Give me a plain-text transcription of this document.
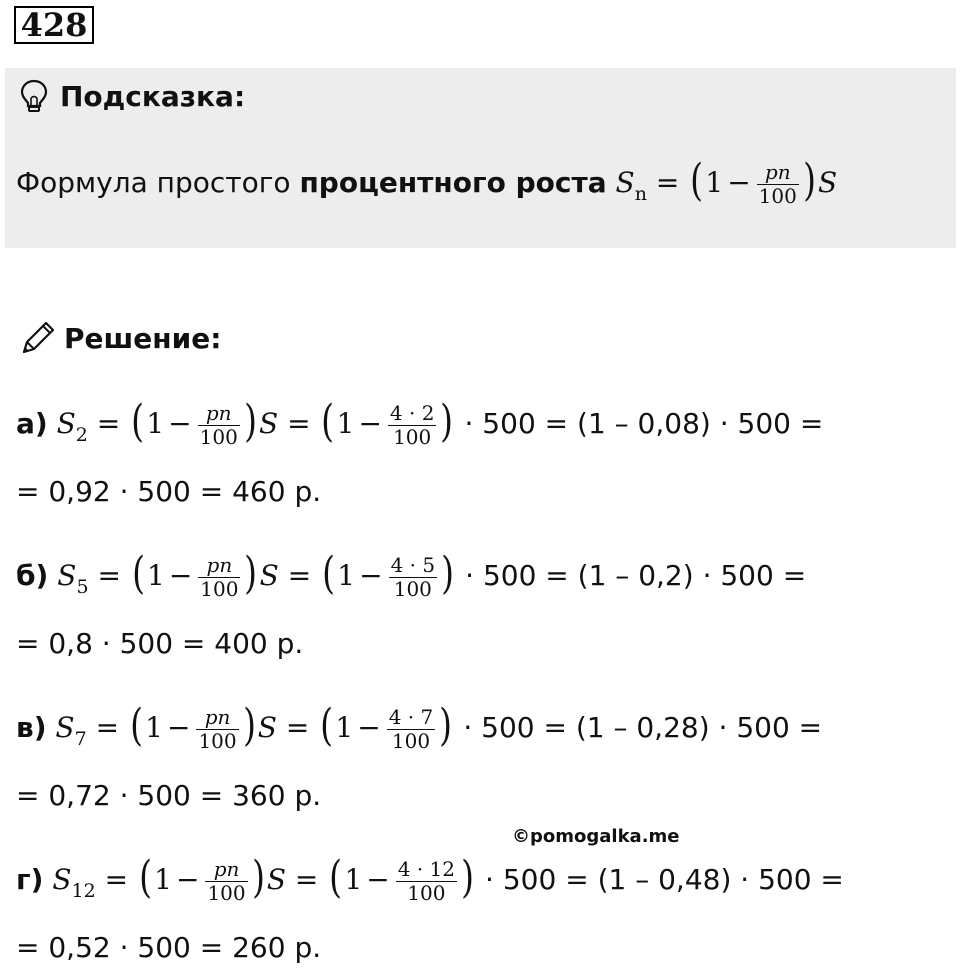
428
Подсказка:
Формула простого процентного роста $S_n = (1 - \frac{pn}{100} )S$
Решение:
а) $S_2 = (1 - \frac{pn}{100} )S = (1 - \frac{4 \cdot 2}{100}$ ) · 500 = (1 – 0,08) · 500 =
= 0,92 · 500 = 460 р.
б) $S_5 = (1 - \frac{pn}{100} )S = (1 - \frac{4 \cdot 5}{100}$ ) · 500 = (1 – 0,2) · 500 =
= 0,8 · 500 = 400 р.
в) $S_7 = (1 - \frac{pn}{100} )S = (1 - \frac{4 \cdot 7}{100}$ ) · 500 = (1 – 0,28) · 500 =
= 0,72 · 500 = 360 р.
г) $S_{12} = (1 - \frac{pn}{100} )S = (1 - \frac{4 \cdot 12}{100}$ ) · 500 = (1 – 0,48) · 500 =
= 0,52 · 500 = 260 р.
©pomogalka.me
